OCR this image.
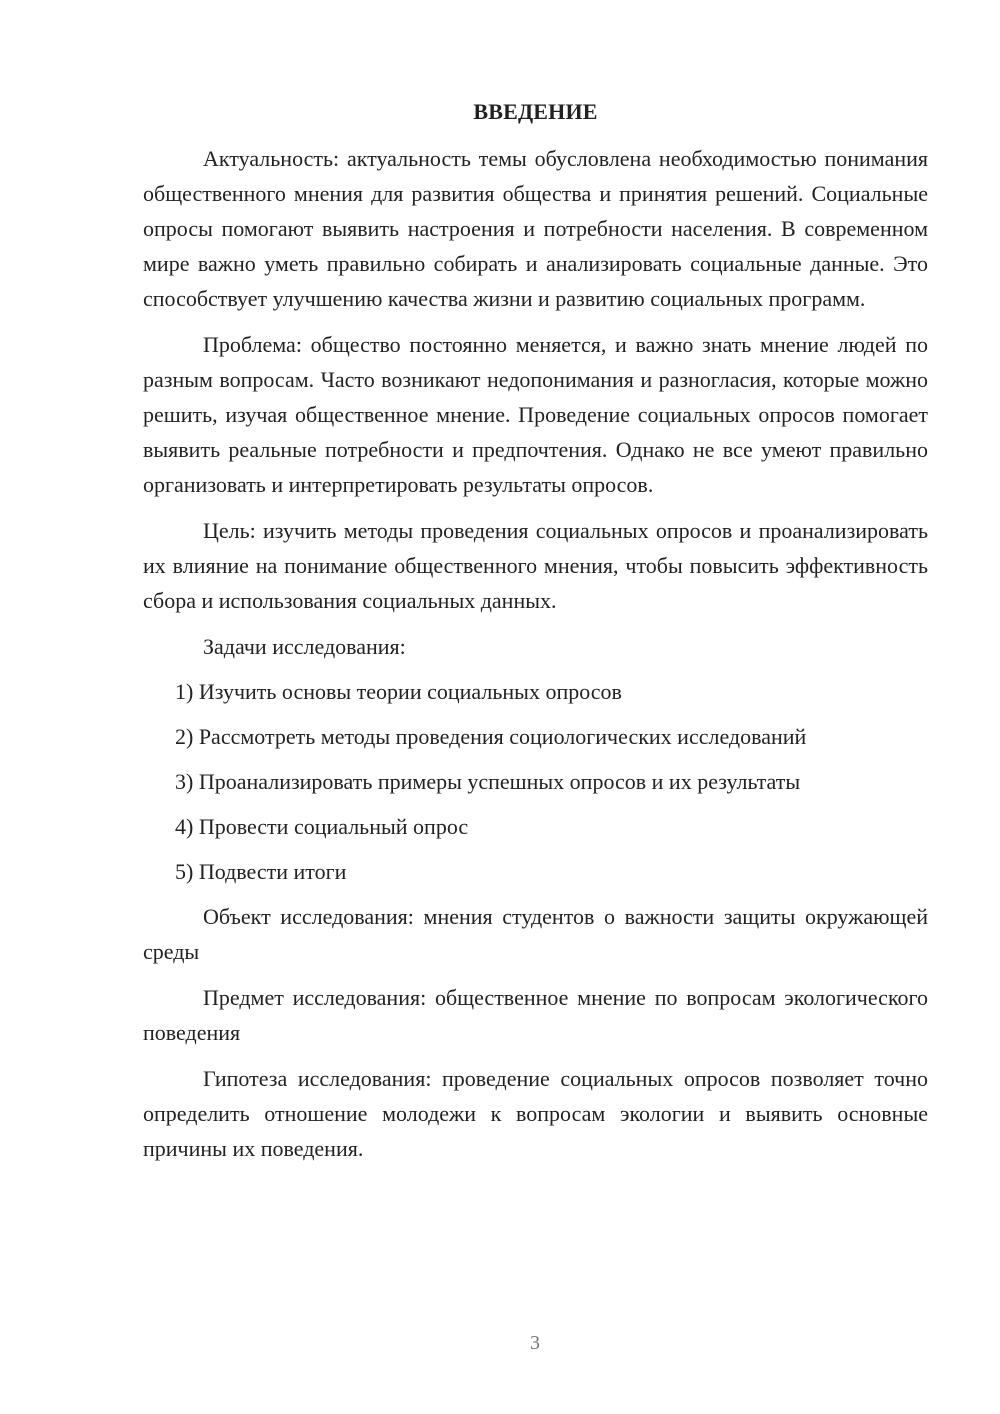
ВВЕДЕНИЕ

Актуальность: актуальность темы обусловлена необходимостью понимания общественного мнения для развития общества и принятия решений. Социальные опросы помогают выявить настроения и потребности населения. В современном мире важно уметь правильно собирать и анализировать социальные данные. Это способствует улучшению качества жизни и развитию социальных программ.

Проблема: общество постоянно меняется, и важно знать мнение людей по разным вопросам. Часто возникают недопонимания и разногласия, которые можно решить, изучая общественное мнение. Проведение социальных опросов помогает выявить реальные потребности и предпочтения. Однако не все умеют правильно организовать и интерпретировать результаты опросов.

Цель: изучить методы проведения социальных опросов и проанализировать их влияние на понимание общественного мнения, чтобы повысить эффективность сбора и использования социальных данных.

Задачи исследования:

1) Изучить основы теории социальных опросов
2) Рассмотреть методы проведения социологических исследований
3) Проанализировать примеры успешных опросов и их результаты
4) Провести социальный опрос
5) Подвести итоги

Объект исследования: мнения студентов о важности защиты окружающей среды

Предмет исследования: общественное мнение по вопросам экологического поведения

Гипотеза исследования: проведение социальных опросов позволяет точно определить отношение молодежи к вопросам экологии и выявить основные причины их поведения.

3
